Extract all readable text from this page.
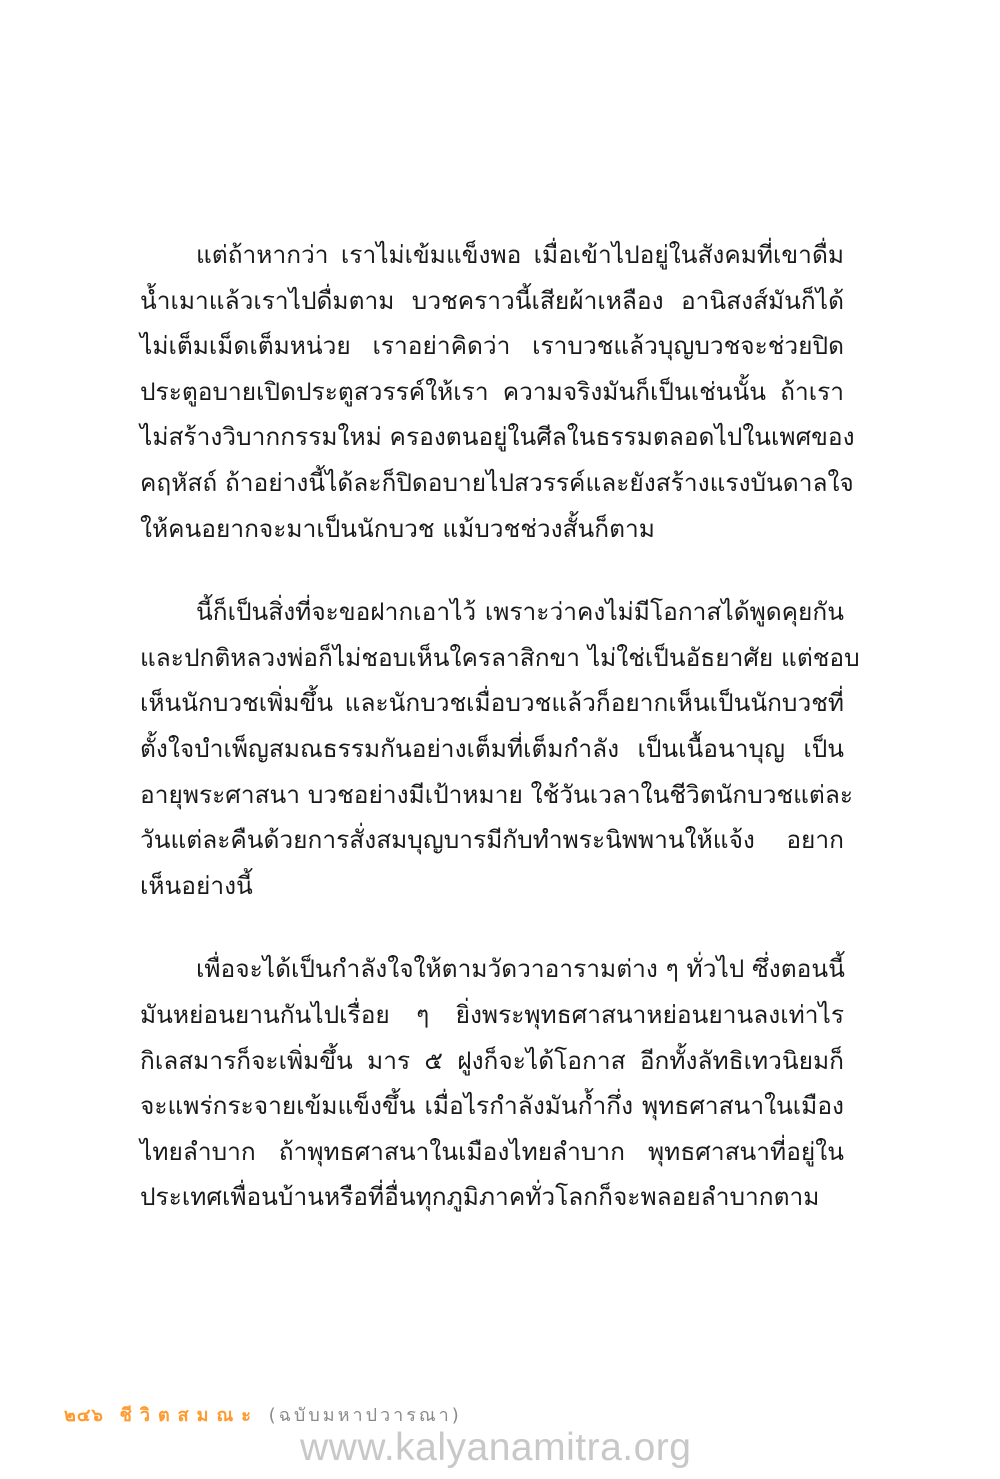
แต่ถ้าหากว่า เราไม่เข้มแข็งพอ เมื่อเข้าไปอยู่ในสังคมที่เขาดื่ม
น้ำเมาแล้วเราไปดื่มตาม บวชคราวนี้เสียผ้าเหลือง อานิสงส์มันก็ได้
ไม่เต็มเม็ดเต็มหน่วย เราอย่าคิดว่า เราบวชแล้วบุญบวชจะช่วยปิด
ประตูอบายเปิดประตูสวรรค์ให้เรา ความจริงมันก็เป็นเช่นนั้น ถ้าเรา
ไม่สร้างวิบากกรรมใหม่ ครองตนอยู่ในศีลในธรรมตลอดไปในเพศของ
คฤหัสถ์ ถ้าอย่างนี้ได้ละก็ปิดอบายไปสวรรค์และยังสร้างแรงบันดาลใจ
ให้คนอยากจะมาเป็นนักบวช แม้บวชช่วงสั้นก็ตาม
นี้ก็เป็นสิ่งที่จะขอฝากเอาไว้ เพราะว่าคงไม่มีโอกาสได้พูดคุยกัน
และปกติหลวงพ่อก็ไม่ชอบเห็นใครลาสิกขา ไม่ใช่เป็นอัธยาศัย แต่ชอบ
เห็นนักบวชเพิ่มขึ้น และนักบวชเมื่อบวชแล้วก็อยากเห็นเป็นนักบวชที่
ตั้งใจบำเพ็ญสมณธรรมกันอย่างเต็มที่เต็มกำลัง เป็นเนื้อนาบุญ เป็น
อายุพระศาสนา บวชอย่างมีเป้าหมาย ใช้วันเวลาในชีวิตนักบวชแต่ละ
วันแต่ละคืนด้วยการสั่งสมบุญบารมีกับทำพระนิพพานให้แจ้ง อยาก
เห็นอย่างนี้
เพื่อจะได้เป็นกำลังใจให้ตามวัดวาอารามต่าง ๆ ทั่วไป ซึ่งตอนนี้
มันหย่อนยานกันไปเรื่อย ๆ ยิ่งพระพุทธศาสนาหย่อนยานลงเท่าไร
กิเลสมารก็จะเพิ่มขึ้น มาร ๕ ฝูงก็จะได้โอกาส อีกทั้งลัทธิเทวนิยมก็
จะแพร่กระจายเข้มแข็งขึ้น เมื่อไรกำลังมันก้ำกึ่ง พุทธศาสนาในเมือง
ไทยลำบาก ถ้าพุทธศาสนาในเมืองไทยลำบาก พุทธศาสนาที่อยู่ใน
ประเทศเพื่อนบ้านหรือที่อื่นทุกภูมิภาคทั่วโลกก็จะพลอยลำบากตาม
๒๔๖ ชีวิตสมณะ (ฉบับมหาปวารณา)
www.kalyanamitra.org
